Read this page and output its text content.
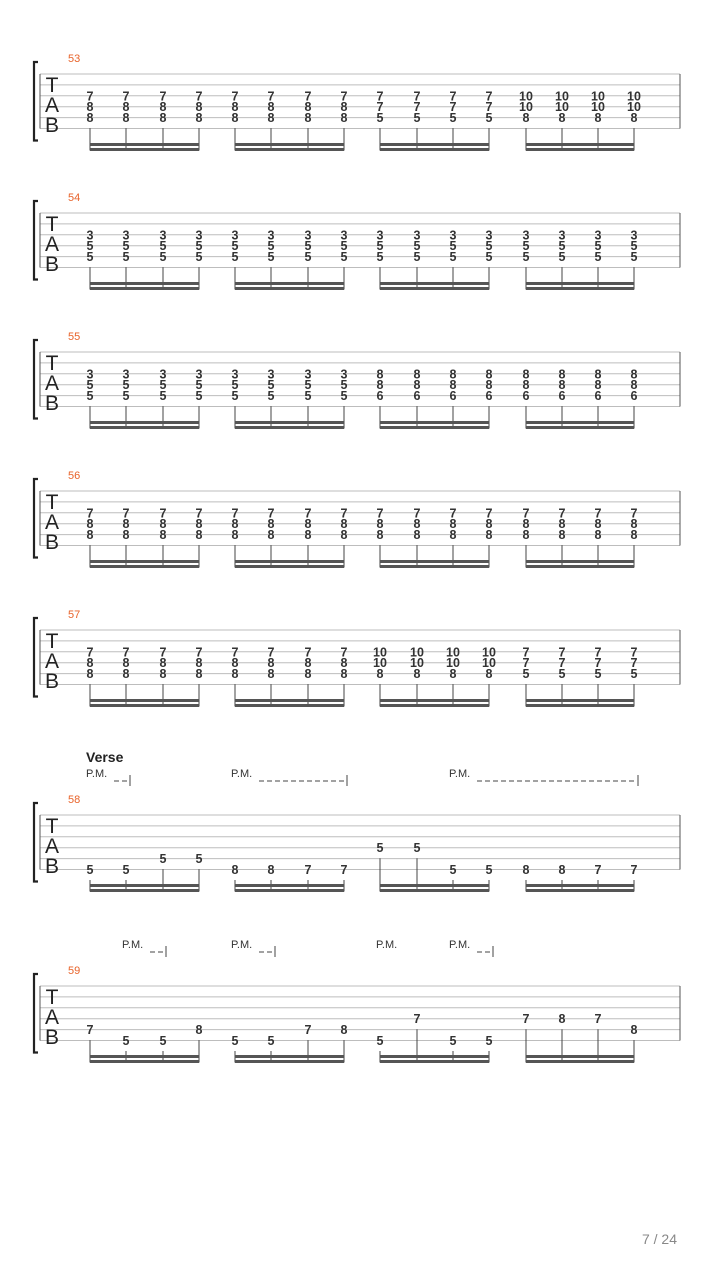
T
A
B
53
7
8
8
7
8
8
7
8
8
7
8
8
7
8
8
7
8
8
7
8
8
7
8
8
7
7
5
7
7
5
7
7
5
7
7
5
10
10
8
10
10
8
10
10
8
10
10
8
T
A
B
54
3
5
5
3
5
5
3
5
5
3
5
5
3
5
5
3
5
5
3
5
5
3
5
5
3
5
5
3
5
5
3
5
5
3
5
5
3
5
5
3
5
5
3
5
5
3
5
5
T
A
B
55
3
5
5
3
5
5
3
5
5
3
5
5
3
5
5
3
5
5
3
5
5
3
5
5
8
8
6
8
8
6
8
8
6
8
8
6
8
8
6
8
8
6
8
8
6
8
8
6
T
A
B
56
7
8
8
7
8
8
7
8
8
7
8
8
7
8
8
7
8
8
7
8
8
7
8
8
7
8
8
7
8
8
7
8
8
7
8
8
7
8
8
7
8
8
7
8
8
7
8
8
T
A
B
57
7
8
8
7
8
8
7
8
8
7
8
8
7
8
8
7
8
8
7
8
8
7
8
8
10
10
8
10
10
8
10
10
8
10
10
8
7
7
5
7
7
5
7
7
5
7
7
5
T
A
B
58
5 5
5 5
8 8 7 7
5 5
5 5 8 8 7 7
T
A
B
59
7
5 5
8
5 5
7 8
5
7
5 5
7 8 7
8
Verse
P.M.	P.M.	P.M.
P.M.	P.M.	P.M.	P.M.
7 / 24
